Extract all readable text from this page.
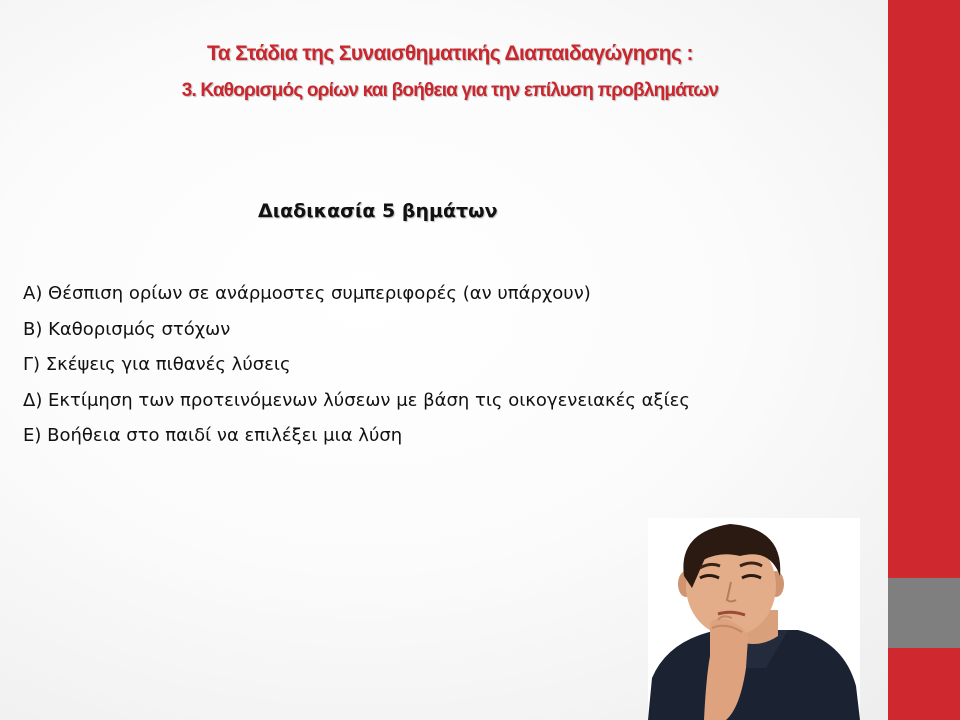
Τα Στάδια της Συναισθηματικής Διαπαιδαγώγησης :
3. Καθορισμός ορίων και βοήθεια για την επίλυση προβλημάτων
Διαδικασία 5 βημάτων
Α) Θέσπιση ορίων σε ανάρμοστες συμπεριφορές (αν υπάρχουν)
Β) Καθορισμός στόχων
Γ) Σκέψεις για πιθανές λύσεις
Δ) Εκτίμηση των προτεινόμενων λύσεων με βάση τις οικογενειακές αξίες
Ε) Βοήθεια στο παιδί να επιλέξει μια λύση
